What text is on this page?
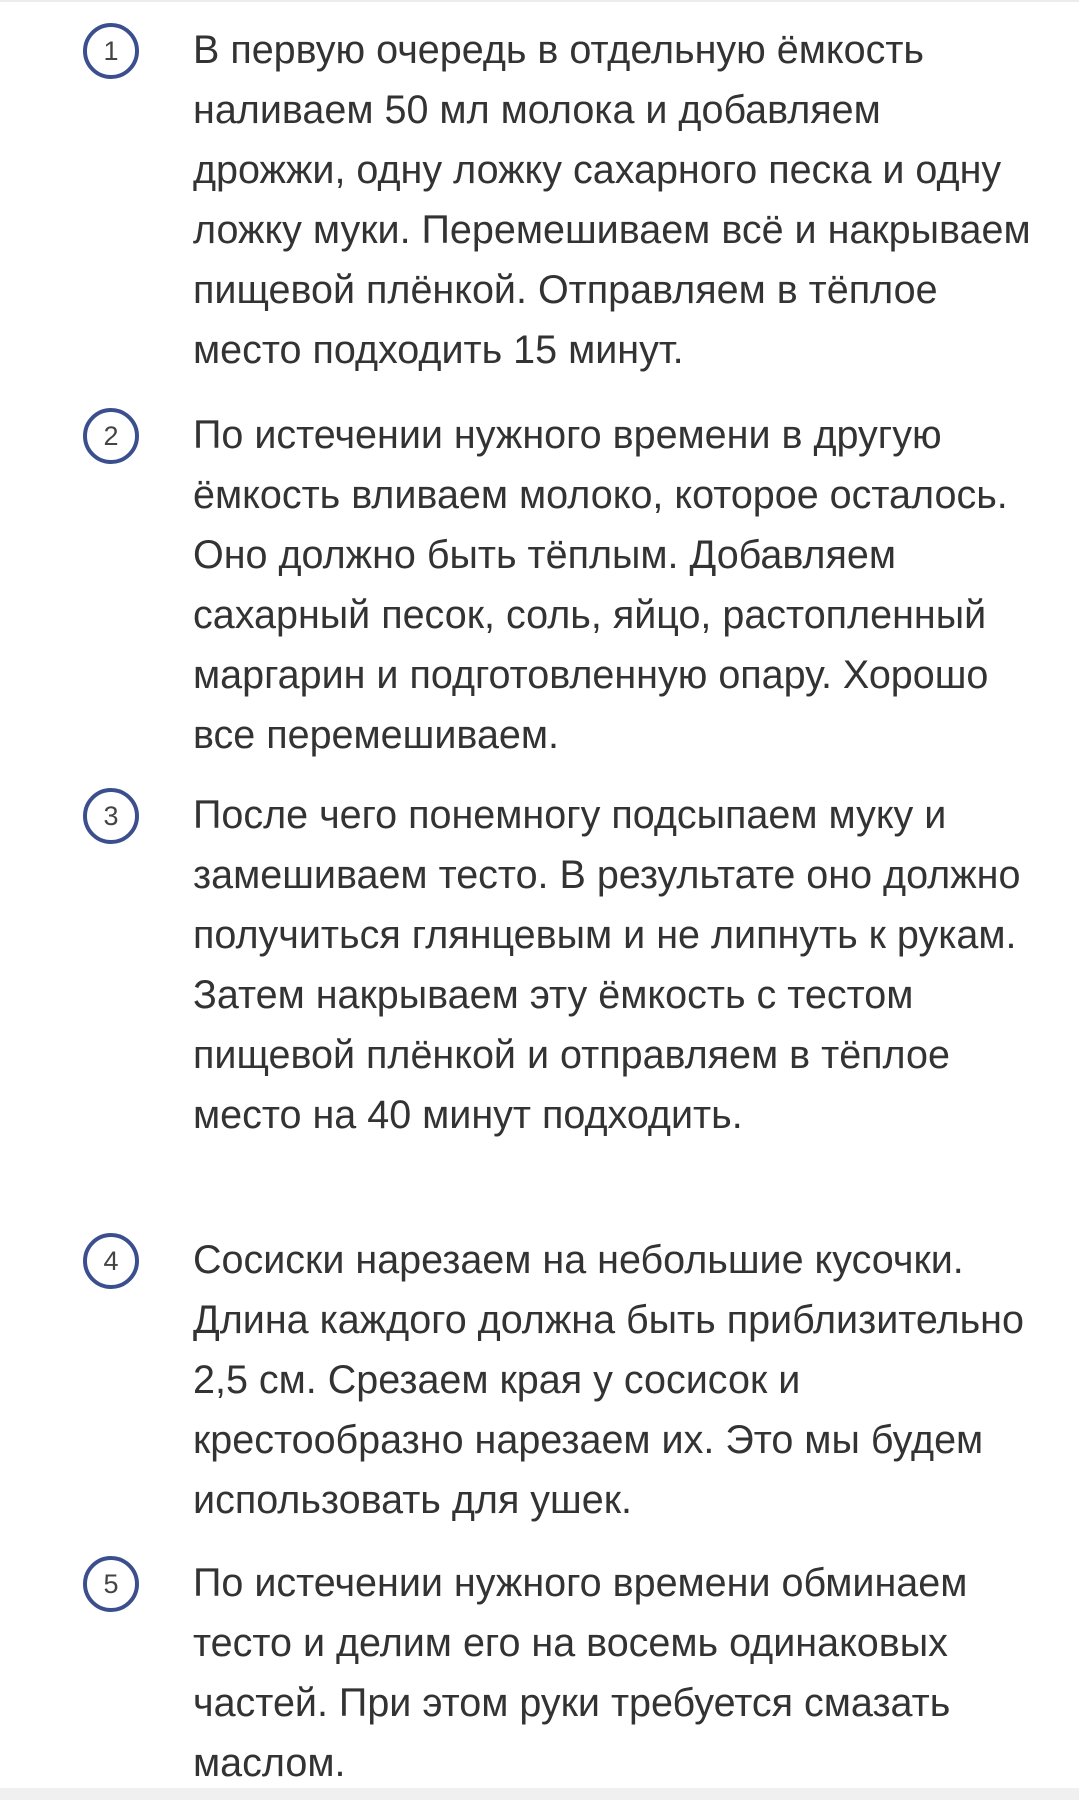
1	В первую очередь в отдельную ёмкость наливаем 50 мл молока и добавляем дрожжи, одну ложку сахарного песка и одну ложку муки. Перемешиваем всё и накрываем пищевой плёнкой. Отправляем в тёплое место подходить 15 минут.

2	По истечении нужного времени в другую ёмкость вливаем молоко, которое осталось. Оно должно быть тёплым. Добавляем сахарный песок, соль, яйцо, растопленный маргарин и подготовленную опару. Хорошо все перемешиваем.

3	После чего понемногу подсыпаем муку и замешиваем тесто. В результате оно должно получиться глянцевым и не липнуть к рукам. Затем накрываем эту ёмкость с тестом пищевой плёнкой и отправляем в тёплое место на 40 минут подходить.

4	Сосиски нарезаем на небольшие кусочки. Длина каждого должна быть приблизительно 2,5 см. Срезаем края у сосисок и крестообразно нарезаем их. Это мы будем использовать для ушек.

5	По истечении нужного времени обминаем тесто и делим его на восемь одинаковых частей. При этом руки требуется смазать маслом.
